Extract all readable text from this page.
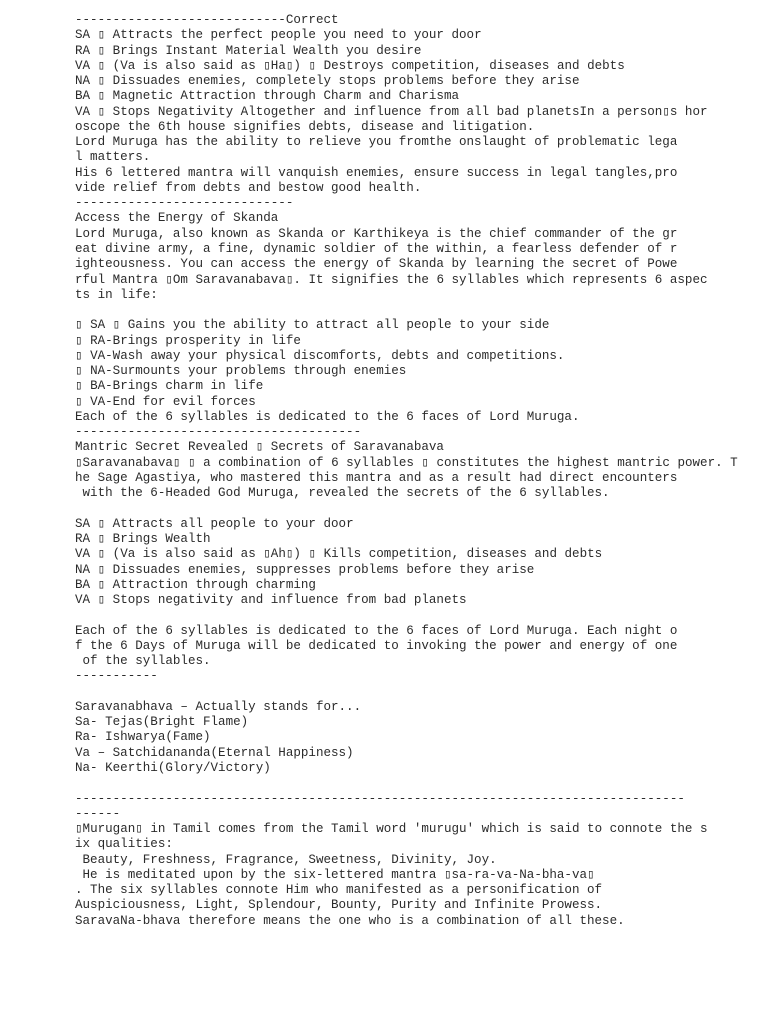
----------------------------Correct
SA ▯ Attracts the perfect people you need to your door
RA ▯ Brings Instant Material Wealth you desire
VA ▯ (Va is also said as ▯Ha▯) ▯ Destroys competition, diseases and debts
NA ▯ Dissuades enemies, completely stops problems before they arise
BA ▯ Magnetic Attraction through Charm and Charisma
VA ▯ Stops Negativity Altogether and influence from all bad planetsIn a person▯s hor
oscope the 6th house signifies debts, disease and litigation.
Lord Muruga has the ability to relieve you fromthe onslaught of problematic lega
l matters.
His 6 lettered mantra will vanquish enemies, ensure success in legal tangles,pro
vide relief from debts and bestow good health.
-----------------------------
Access the Energy of Skanda
Lord Muruga, also known as Skanda or Karthikeya is the chief commander of the gr
eat divine army, a fine, dynamic soldier of the within, a fearless defender of r
ighteousness. You can access the energy of Skanda by learning the secret of Powe
rful Mantra ▯Om Saravanabava▯. It signifies the 6 syllables which represents 6 aspec
ts in life:
▯ SA ▯ Gains you the ability to attract all people to your side
▯ RA-Brings prosperity in life
▯ VA-Wash away your physical discomforts, debts and competitions.
▯ NA-Surmounts your problems through enemies
▯ BA-Brings charm in life
▯ VA-End for evil forces
Each of the 6 syllables is dedicated to the 6 faces of Lord Muruga.
--------------------------------------
Mantric Secret Revealed ▯ Secrets of Saravanabava
▯Saravanabava▯ ▯ a combination of 6 syllables ▯ constitutes the highest mantric power. T
he Sage Agastiya, who mastered this mantra and as a result had direct encounters
with the 6-Headed God Muruga, revealed the secrets of the 6 syllables.
SA ▯ Attracts all people to your door
RA ▯ Brings Wealth
VA ▯ (Va is also said as ▯Ah▯) ▯ Kills competition, diseases and debts
NA ▯ Dissuades enemies, suppresses problems before they arise
BA ▯ Attraction through charming
VA ▯ Stops negativity and influence from bad planets
Each of the 6 syllables is dedicated to the 6 faces of Lord Muruga. Each night o
f the 6 Days of Muruga will be dedicated to invoking the power and energy of one
of the syllables.
-----------
Saravanabhava – Actually stands for...
Sa- Tejas(Bright Flame)
Ra- Ishwarya(Fame)
Va – Satchidananda(Eternal Happiness)
Na- Keerthi(Glory/Victory)
---------------------------------------------------------------------------------
------
▯Murugan▯ in Tamil comes from the Tamil word 'murugu' which is said to connote the s
ix qualities:
Beauty, Freshness, Fragrance, Sweetness, Divinity, Joy.
He is meditated upon by the six-lettered mantra ▯sa-ra-va-Na-bha-va▯
. The six syllables connote Him who manifested as a personification of
Auspiciousness, Light, Splendour, Bounty, Purity and Infinite Prowess.
SaravaNa-bhava therefore means the one who is a combination of all these.
